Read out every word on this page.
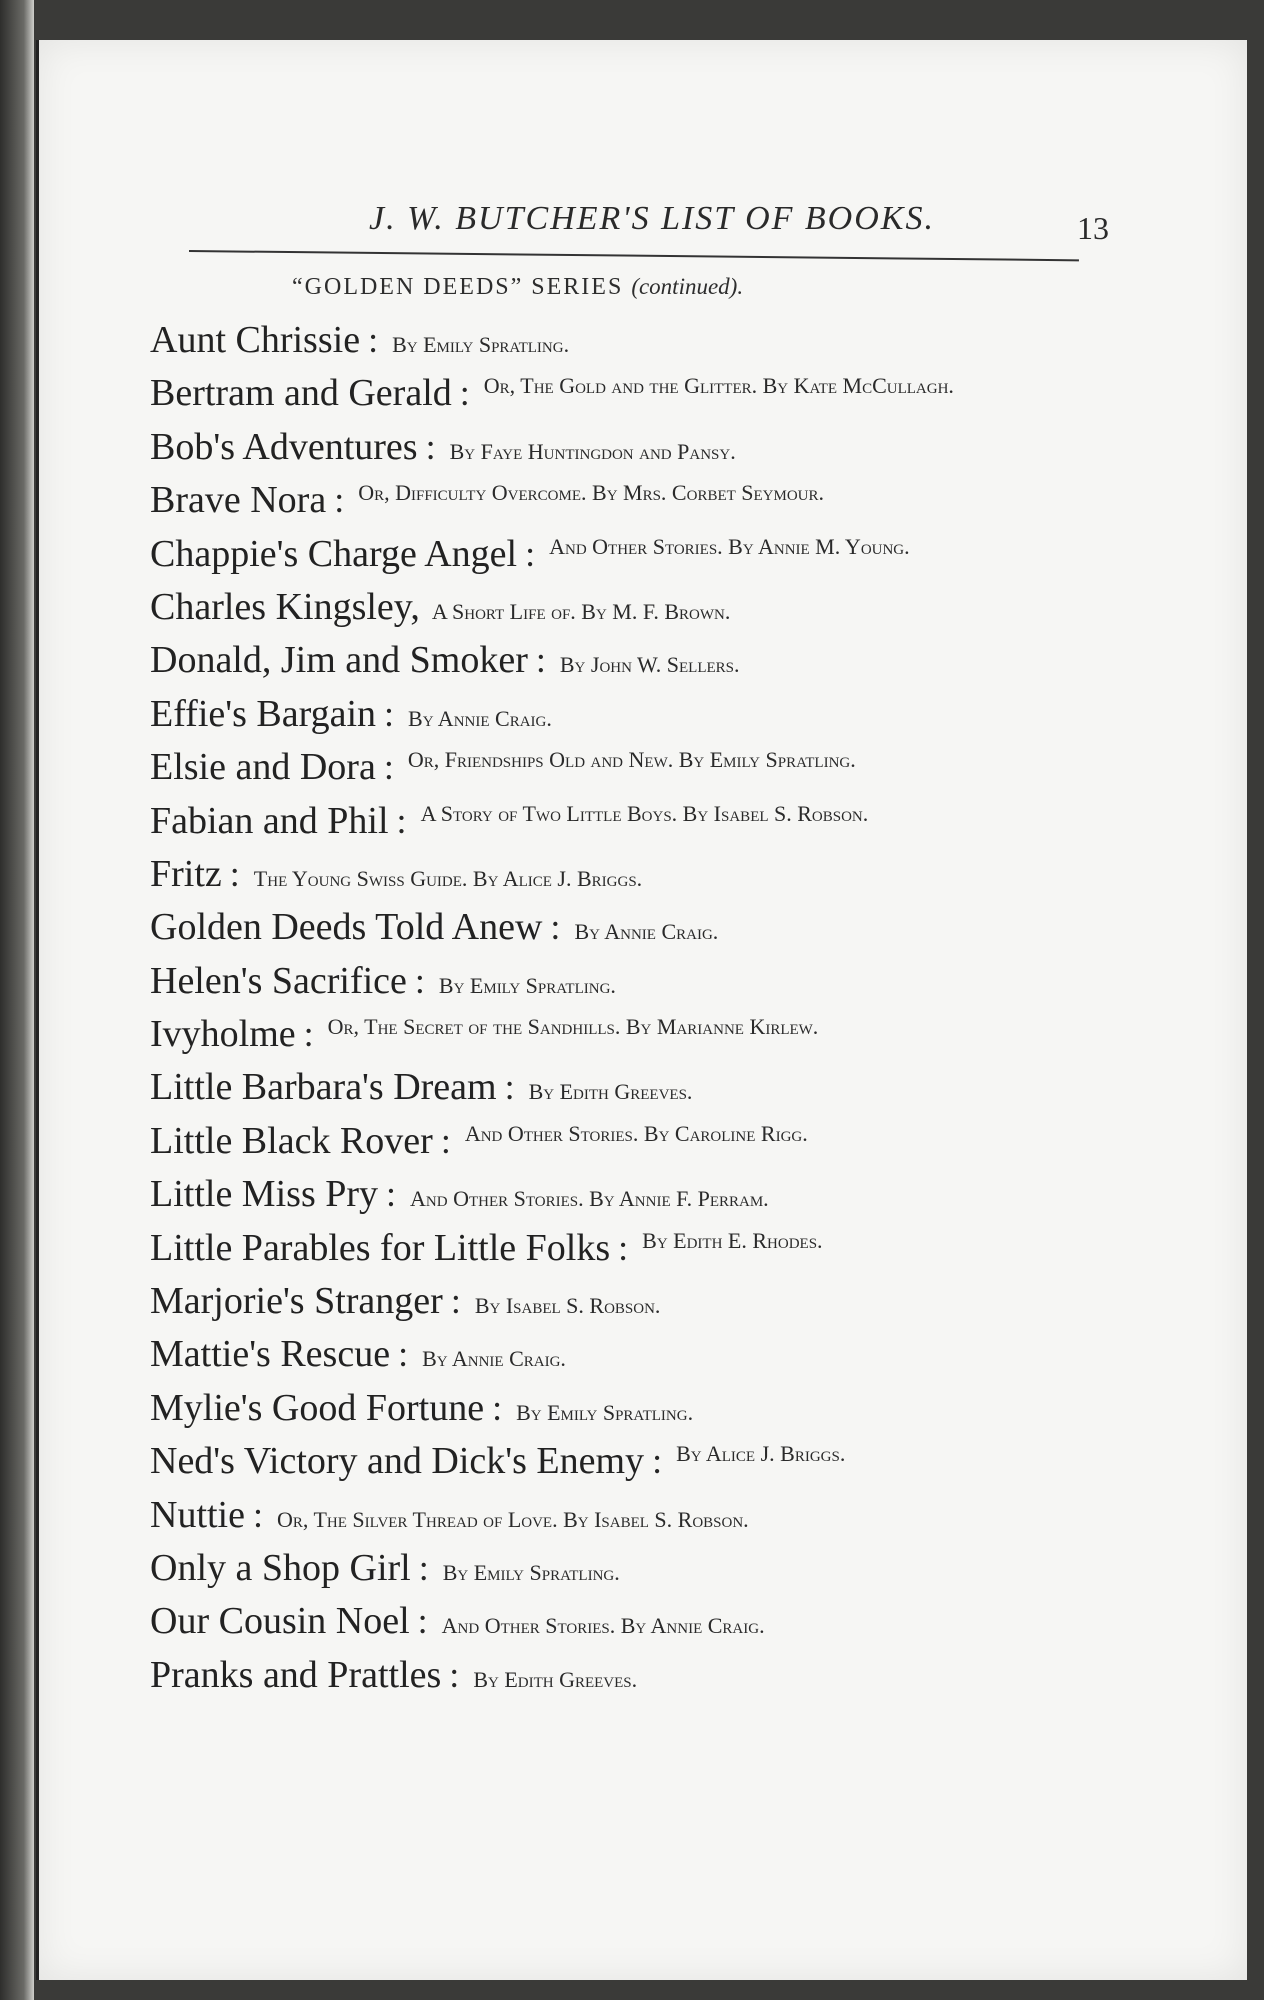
J. W. BUTCHER'S LIST OF BOOKS.	13
“GOLDEN DEEDS” SERIES (continued).
Aunt Chrissie : By Emily Spratling.
Bertram and Gerald : Or, The Gold and the Glitter. By Kate McCullagh.
Bob's Adventures : By Faye Huntingdon and Pansy.
Brave Nora : Or, Difficulty Overcome. By Mrs. Corbet Seymour.
Chappie's Charge Angel : And Other Stories. By Annie M. Young.
Charles Kingsley, A Short Life of. By M. F. Brown.
Donald, Jim and Smoker : By John W. Sellers.
Effie's Bargain : By Annie Craig.
Elsie and Dora : Or, Friendships Old and New. By Emily Spratling.
Fabian and Phil : A Story of Two Little Boys. By Isabel S. Robson.
Fritz : The Young Swiss Guide. By Alice J. Briggs.
Golden Deeds Told Anew : By Annie Craig.
Helen's Sacrifice : By Emily Spratling.
Ivyholme : Or, The Secret of the Sandhills. By Marianne Kirlew.
Little Barbara's Dream : By Edith Greeves.
Little Black Rover : And Other Stories. By Caroline Rigg.
Little Miss Pry : And Other Stories. By Annie F. Perram.
Little Parables for Little Folks : By Edith E. Rhodes.
Marjorie's Stranger : By Isabel S. Robson.
Mattie's Rescue : By Annie Craig.
Mylie's Good Fortune : By Emily Spratling.
Ned's Victory and Dick's Enemy : By Alice J. Briggs.
Nuttie : Or, The Silver Thread of Love. By Isabel S. Robson.
Only a Shop Girl : By Emily Spratling.
Our Cousin Noel : And Other Stories. By Annie Craig.
Pranks and Prattles : By Edith Greeves.
